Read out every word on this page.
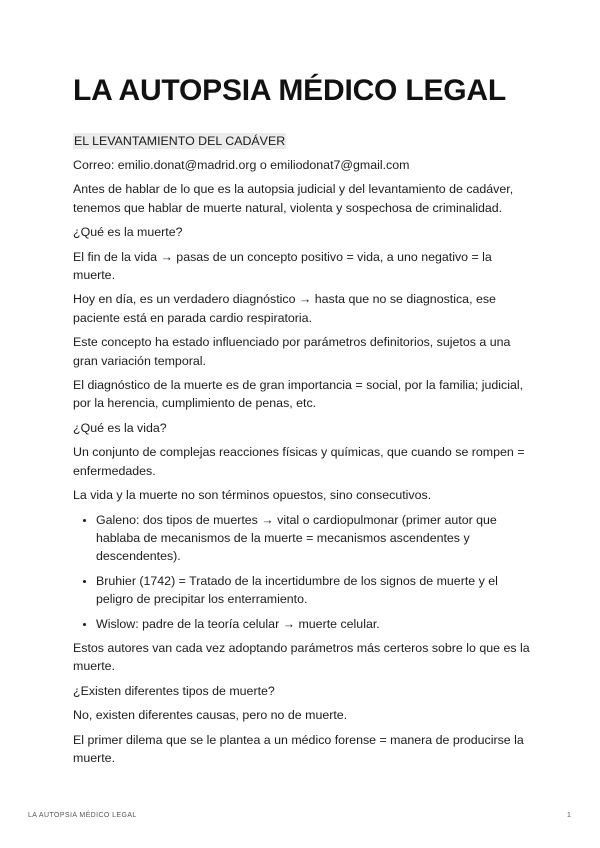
LA AUTOPSIA MÉDICO LEGAL
EL LEVANTAMIENTO DEL CADÁVER

Correo: emilio.donat@madrid.org o emiliodonat7@gmail.com

Antes de hablar de lo que es la autopsia judicial y del levantamiento de cadáver, tenemos que hablar de muerte natural, violenta y sospechosa de criminalidad.

¿Qué es la muerte?

El fin de la vida → pasas de un concepto positivo = vida, a uno negativo = la muerte.

Hoy en día, es un verdadero diagnóstico → hasta que no se diagnostica, ese paciente está en parada cardio respiratoria.

Este concepto ha estado influenciado por parámetros definitorios, sujetos a una gran variación temporal.

El diagnóstico de la muerte es de gran importancia = social, por la familia; judicial, por la herencia, cumplimiento de penas, etc.

¿Qué es la vida?

Un conjunto de complejas reacciones físicas y químicas, que cuando se rompen = enfermedades.

La vida y la muerte no son términos opuestos, sino consecutivos.

• Galeno: dos tipos de muertes → vital o cardiopulmonar (primer autor que hablaba de mecanismos de la muerte = mecanismos ascendentes y descendentes).
• Bruhier (1742) = Tratado de la incertidumbre de los signos de muerte y el peligro de precipitar los enterramiento.
• Wislow: padre de la teoría celular → muerte celular.

Estos autores van cada vez adoptando parámetros más certeros sobre lo que es la muerte.

¿Existen diferentes tipos de muerte?

No, existen diferentes causas, pero no de muerte.

El primer dilema que se le plantea a un médico forense = manera de producirse la muerte.

LA AUTOPSIA MÉDICO LEGAL	1
